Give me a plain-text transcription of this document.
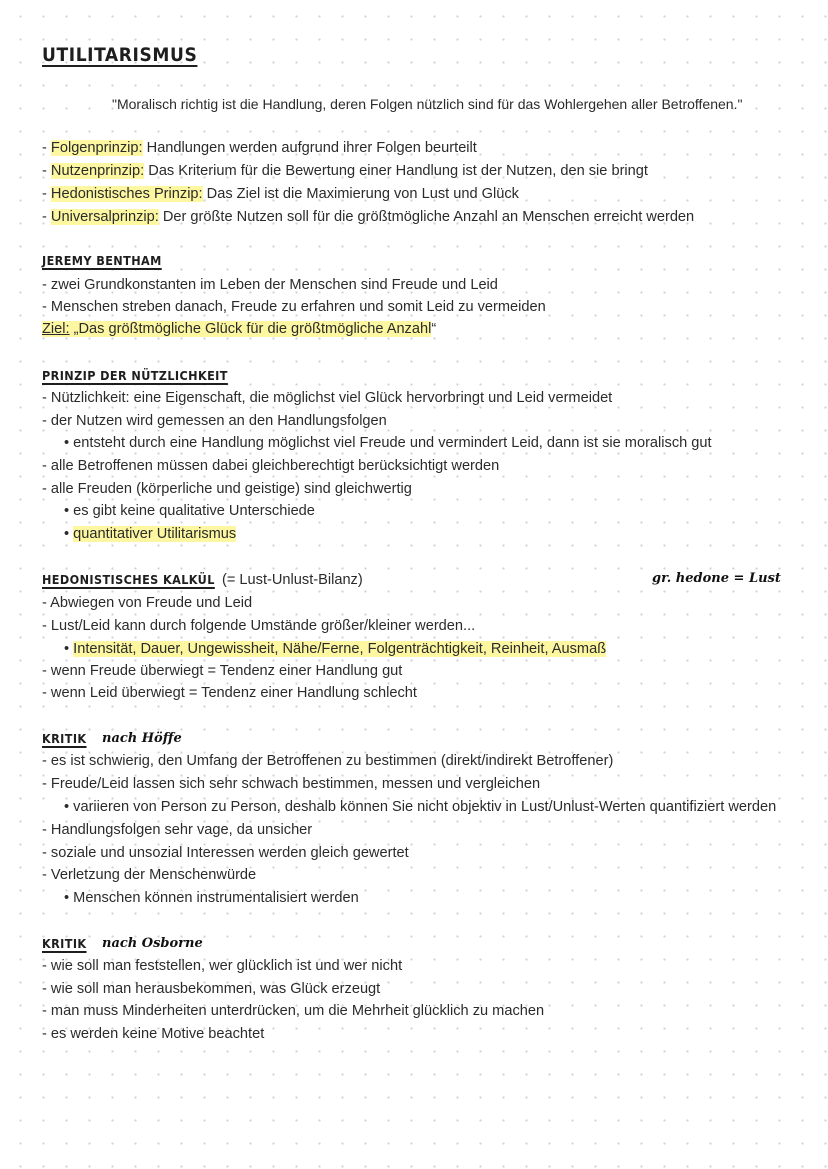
UTILITARISMUS
"Moralisch richtig ist die Handlung, deren Folgen nützlich sind für das Wohlergehen aller Betroffenen."
- Folgenprinzip: Handlungen werden aufgrund ihrer Folgen beurteilt
- Nutzenprinzip: Das Kriterium für die Bewertung einer Handlung ist der Nutzen, den sie bringt
- Hedonistisches Prinzip: Das Ziel ist die Maximierung von Lust und Glück
- Universalprinzip: Der größte Nutzen soll für die größtmögliche Anzahl an Menschen erreicht werden
JEREMY BENTHAM
- zwei Grundkonstanten im Leben der Menschen sind Freude und Leid
- Menschen streben danach, Freude zu erfahren und somit Leid zu vermeiden
Ziel: „Das größtmögliche Glück für die größtmögliche Anzahl“
PRINZIP DER NÜTZLICHKEIT
- Nützlichkeit: eine Eigenschaft, die möglichst viel Glück hervorbringt und Leid vermeidet
- der Nutzen wird gemessen an den Handlungsfolgen
• entsteht durch eine Handlung möglichst viel Freude und vermindert Leid, dann ist sie moralisch gut
- alle Betroffenen müssen dabei gleichberechtigt berücksichtigt werden
- alle Freuden (körperliche und geistige) sind gleichwertig
• es gibt keine qualitative Unterschiede
• quantitativer Utilitarismus
HEDONISTISCHES KALKÜL (= Lust-Unlust-Bilanz)	gr. hedone = Lust
- Abwiegen von Freude und Leid
- Lust/Leid kann durch folgende Umstände größer/kleiner werden...
• Intensität, Dauer, Ungewissheit, Nähe/Ferne, Folgenträchtigkeit, Reinheit, Ausmaß
- wenn Freude überwiegt = Tendenz einer Handlung gut
- wenn Leid überwiegt = Tendenz einer Handlung schlecht
KRITIK nach Höffe
- es ist schwierig, den Umfang der Betroffenen zu bestimmen (direkt/indirekt Betroffener)
- Freude/Leid lassen sich sehr schwach bestimmen, messen und vergleichen
• variieren von Person zu Person, deshalb können Sie nicht objektiv in Lust/Unlust-Werten quantifiziert werden
- Handlungsfolgen sehr vage, da unsicher
- soziale und unsozial Interessen werden gleich gewertet
- Verletzung der Menschenwürde
• Menschen können instrumentalisiert werden
KRITIK nach Osborne
- wie soll man feststellen, wer glücklich ist und wer nicht
- wie soll man herausbekommen, was Glück erzeugt
- man muss Minderheiten unterdrücken, um die Mehrheit glücklich zu machen
- es werden keine Motive beachtet
